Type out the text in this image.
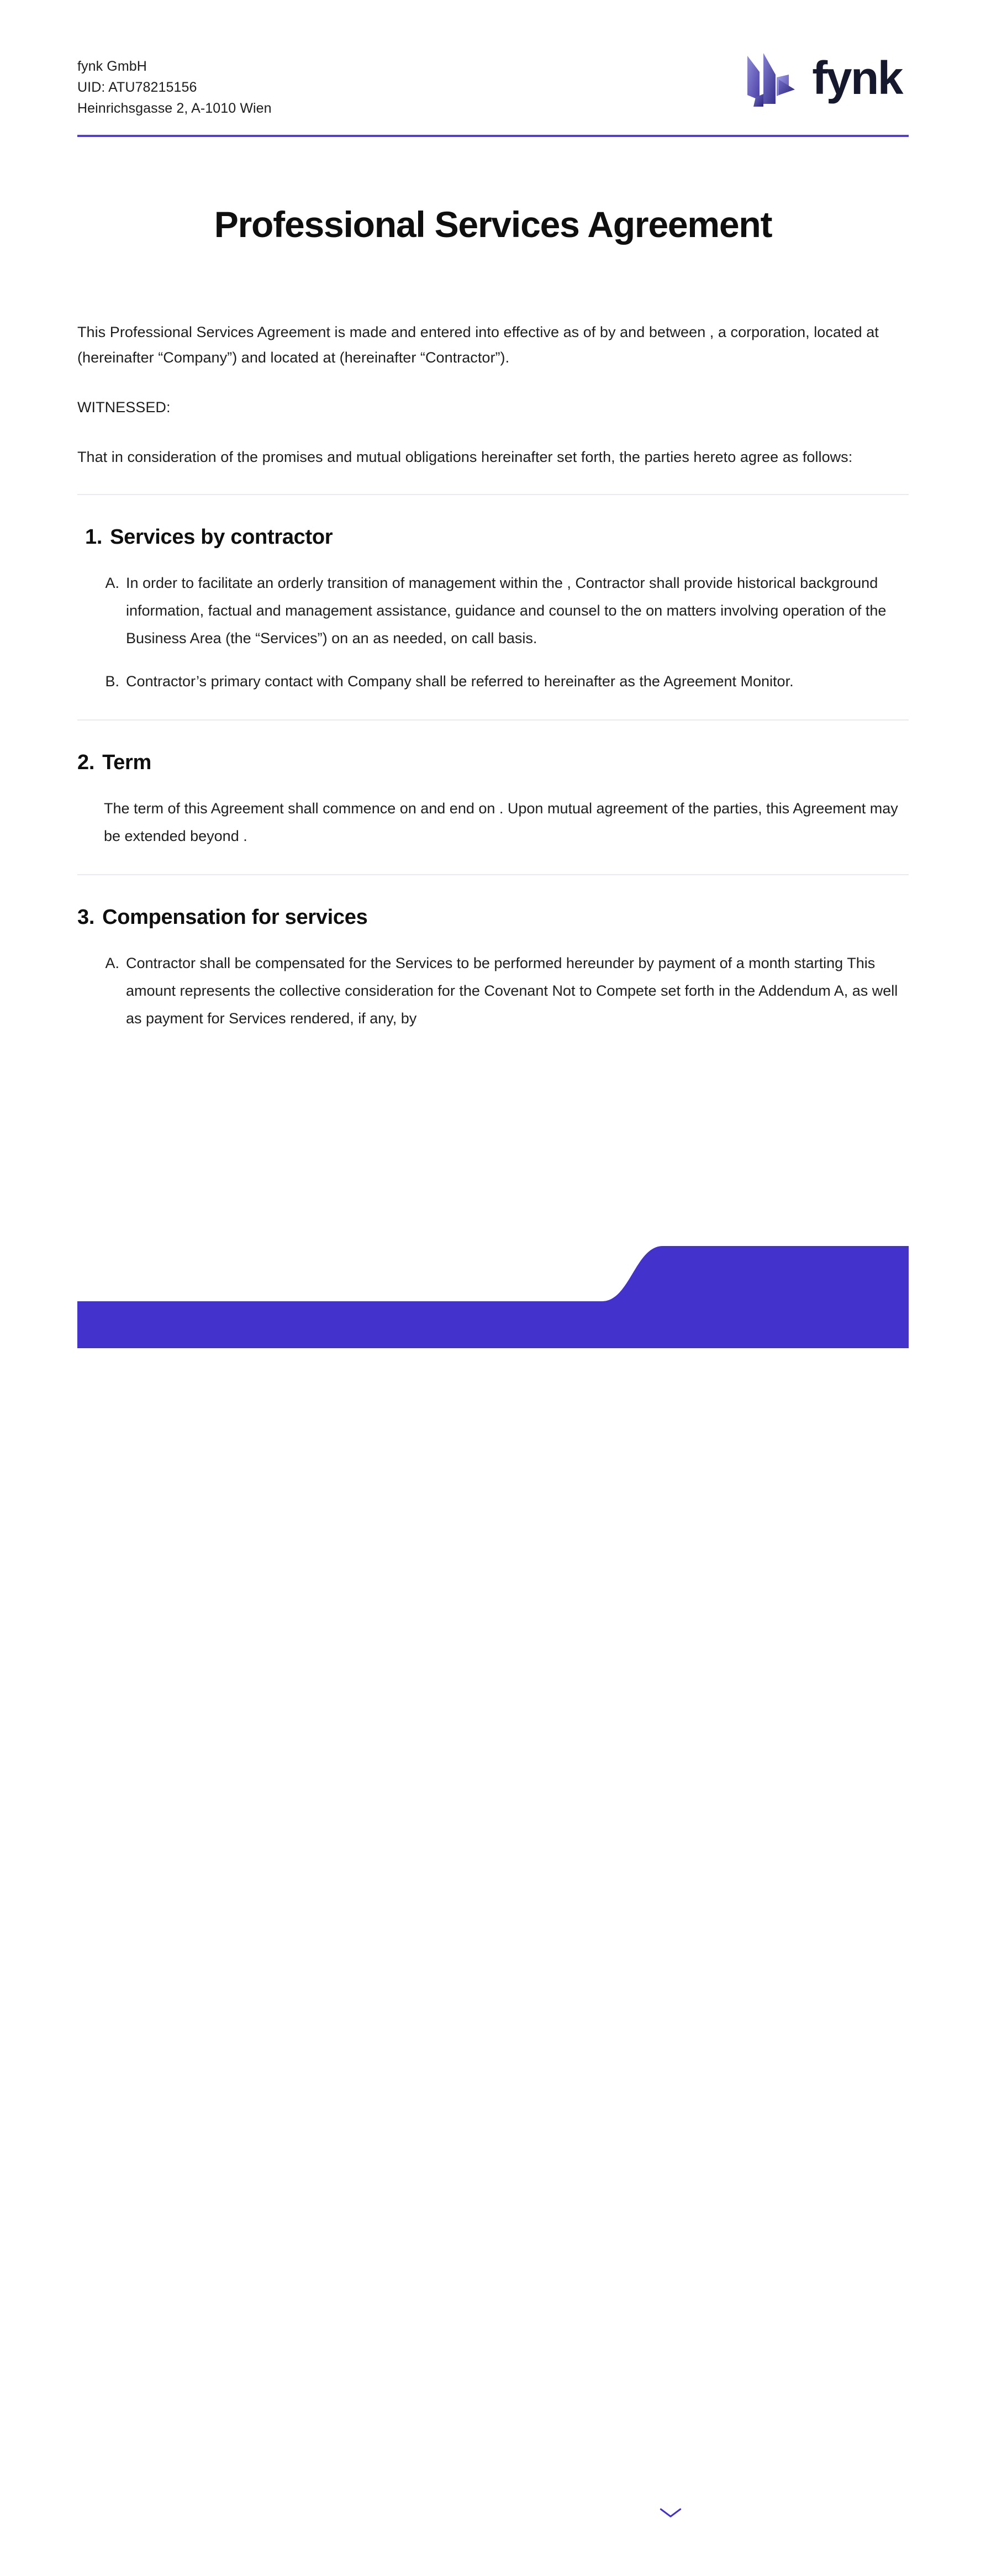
fynk GmbH
UID: ATU78215156
Heinrichsgasse 2, A-1010 Wien
fynk
Professional Services Agreement

This Professional Services Agreement is made and entered into effective as of by and between , a corporation, located at (hereinafter “Company”) and located at (hereinafter “Contractor”).

WITNESSED:

That in consideration of the promises and mutual obligations hereinafter set forth, the parties hereto agree as follows:

1. Services by contractor
A. In order to facilitate an orderly transition of management within the , Contractor shall provide historical background information, factual and management assistance, guidance and counsel to the on matters involving operation of the Business Area (the “Services”) on an as needed, on call basis.
B. Contractor’s primary contact with Company shall be referred to hereinafter as the Agreement Monitor.
2. Term

The term of this Agreement shall commence on and end on . Upon mutual agreement of the parties, this Agreement may be extended beyond .

3. Compensation for services
A. Contractor shall be compensated for the Services to be performed hereunder by payment of a month starting This amount represents the collective consideration for the Covenant Not to Compete set forth in the Addendum A, as well as payment for Services rendered, if any, by
office@fynk.com
www.fynk.com
